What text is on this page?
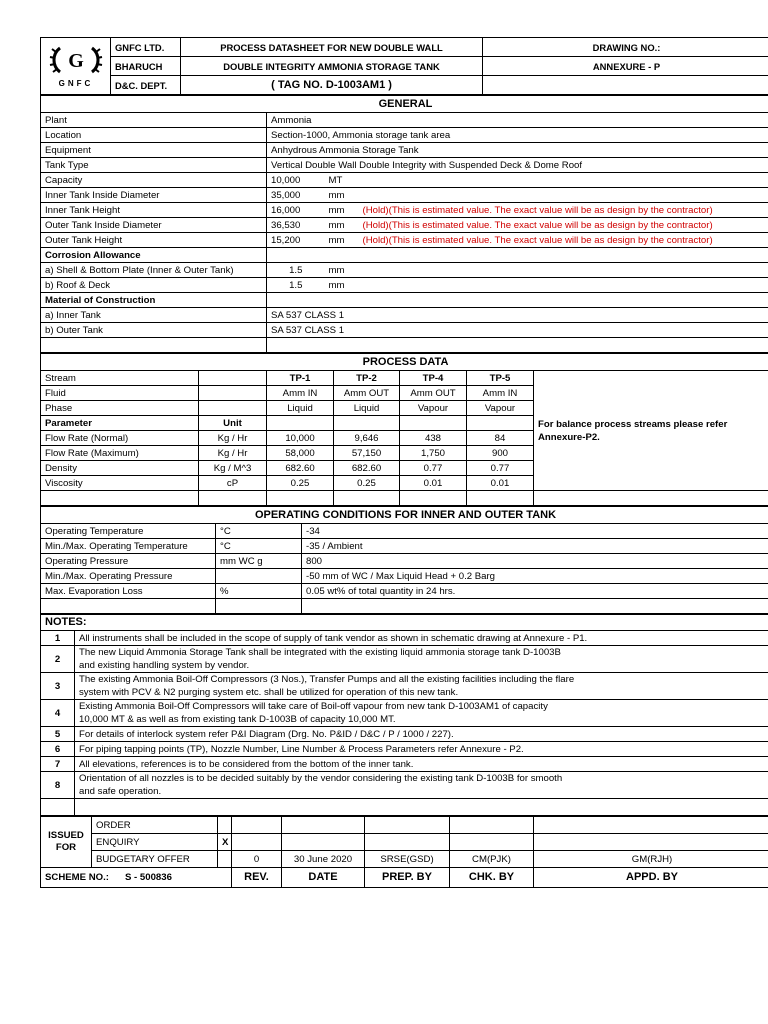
G
GNFC	GNFC LTD.	PROCESS DATASHEET FOR NEW DOUBLE WALL	DRAWING NO.:
	BHARUCH	DOUBLE INTEGRITY AMMONIA STORAGE TANK	ANNEXURE - P
	D&C. DEPT.	( TAG NO. D-1003AM1 )	
GENERAL			
Plant	Ammonia		
Location	Section-1000, Ammonia storage tank area		
Equipment	Anhydrous Ammonia Storage Tank		
Tank Type	Vertical Double Wall Double Integrity with Suspended Deck & Dome Roof		
Capacity	10,000	MT	
Inner Tank Inside Diameter	35,000	mm	
Inner Tank Height	16,000	mm	(Hold)(This is estimated value. The exact value will be as design by the contractor)
Outer Tank Inside Diameter	36,530	mm	(Hold)(This is estimated value. The exact value will be as design by the contractor)
Outer Tank Height	15,200	mm	(Hold)(This is estimated value. The exact value will be as design by the contractor)
Corrosion Allowance			
a) Shell & Bottom Plate (Inner & Outer Tank)	1.5	mm	
b) Roof & Deck	1.5	mm	
Material of Construction			
a) Inner Tank	SA 537 CLASS 1		
b) Outer Tank	SA 537 CLASS 1		

PROCESS DATA						
Stream		TP-1	TP-2	TP-4	TP-5	For balance process streams please refer
Annexure-P2.
Fluid		Amm IN	Amm OUT	Amm OUT	Amm IN	
Phase		Liquid	Liquid	Vapour	Vapour	
Parameter	Unit					
Flow Rate (Normal)	Kg / Hr	10,000	9,646	438	84	
Flow Rate (Maximum)	Kg / Hr	58,000	57,150	1,750	900	
Density	Kg / M^3	682.60	682.60	0.77	0.77	
Viscosity	cP	0.25	0.25	0.01	0.01	

OPERATING CONDITIONS FOR INNER AND OUTER TANK		
Operating Temperature	°C	-34
Min./Max. Operating Temperature	°C	-35 / Ambient
Operating Pressure	mm WC g	800
Min./Max. Operating Pressure		-50 mm of WC / Max Liquid Head + 0.2 Barg
Max. Evaporation Loss	%	0.05 wt% of total quantity in 24 hrs.

NOTES:	
1	All instruments shall be included in the scope of supply of tank vendor as shown in schematic drawing at Annexure - P1.
2	The new Liquid Ammonia Storage Tank shall be integrated with the existing liquid ammonia storage tank D-1003B
and existing handling system by vendor.
3	The existing Ammonia Boil-Off Compressors (3 Nos.), Transfer Pumps and all the existing facilities including the flare
system with PCV & N2 purging system etc. shall be utilized for operation of this new tank.
4	Existing Ammonia Boil-Off Compressors will take care of Boil-off vapour from new tank D-1003AM1 of capacity
10,000 MT & as well as from existing tank D-1003B of capacity 10,000 MT.
5	For details of interlock system refer P&I Diagram (Drg. No. P&ID / D&C / P / 1000 / 227).
6	For piping tapping points (TP), Nozzle Number, Line Number & Process Parameters refer Annexure - P2.
7	All elevations, references is to be considered from the bottom of the inner tank.
8	Orientation of all nozzles is to be decided suitably by the vendor considering the existing tank D-1003B for smooth
and safe operation.

ISSUED
FOR	ORDER						
	ENQUIRY	X					
	BUDGETARY OFFER		0	30 June 2020	SRSE(GSD)	CM(PJK)	GM(RJH)
SCHEME NO.: S - 500836			REV.	DATE	PREP. BY	CHK. BY	APPD. BY
